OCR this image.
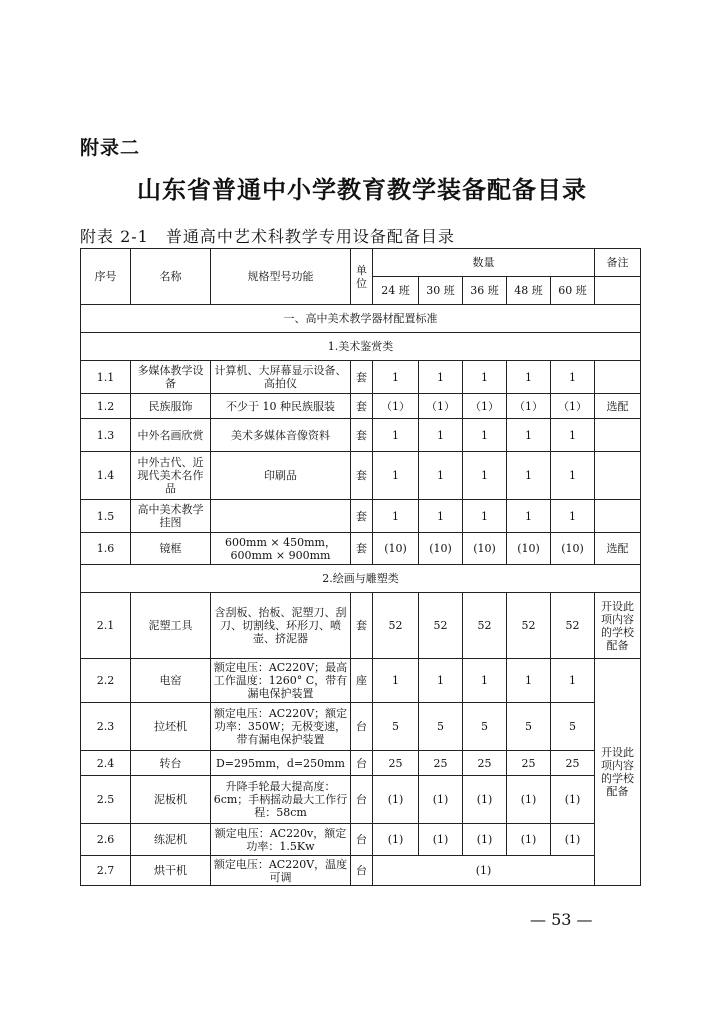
附录二
山东省普通中小学教育教学装备配备目录
附表 2-1　普通高中艺术科教学专用设备配备目录
序号	名称	规格型号功能	单位	数量					备注
				24 班	30 班	36 班	48 班	60 班	
一、高中美术教学器材配置标准									
1.美术鉴赏类									
1.1	多媒体教学设备	计算机、大屏幕显示设备、高拍仪	套	1	1	1	1	1	
1.2	民族服饰	不少于 10 种民族服装	套	（1）	（1）	（1）	（1）	（1）	选配
1.3	中外名画欣赏	美术多媒体音像资料	套	1	1	1	1	1	
1.4	中外古代、近现代美术名作品	印刷品	套	1	1	1	1	1	
1.5	高中美术教学挂图		套	1	1	1	1	1	
1.6	镜框	600mm × 450mm，600mm × 900mm	套	(10)	(10)	(10)	(10)	(10)	选配
2.绘画与雕塑类									
2.1	泥塑工具	含刮板、抬板、泥塑刀、刮刀、切割线、环形刀、喷壶、挤泥器	套	52	52	52	52	52	开设此项内容的学校配备
2.2	电窑	额定电压：AC220V；最高工作温度：1260° C，带有漏电保护装置	座	1	1	1	1	1	开设此项内容的学校配备
2.3	拉坯机	额定电压：AC220V；额定功率：350W；无极变速，带有漏电保护装置	台	5	5	5	5	5	
2.4	转台	D=295mm，d=250mm	台	25	25	25	25	25	
2.5	泥板机	升降手轮最大提高度：6cm；手柄摇动最大工作行程：58cm	台	(1)	(1)	(1)	(1)	(1)	
2.6	练泥机	额定电压：AC220v，额定功率：1.5Kw	台	(1)	(1)	(1)	(1)	(1)	
2.7	烘干机	额定电压：AC220V，温度可调	台	(1)					
— 53 —
